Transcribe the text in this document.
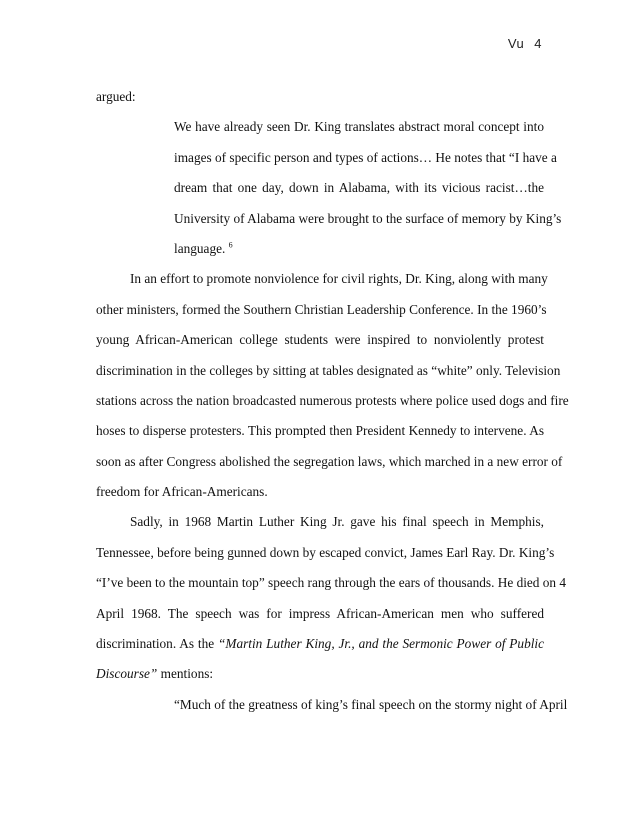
Vu 4
argued:
We have already seen Dr. King translates abstract moral concept into
images of specific person and types of actions… He notes that “I have a
dream that one day, down in Alabama, with its vicious racist…the
University of Alabama were brought to the surface of memory by King’s
language. $^6$
In an effort to promote nonviolence for civil rights, Dr. King, along with many
other ministers, formed the Southern Christian Leadership Conference. In the 1960’s
young African-American college students were inspired to nonviolently protest
discrimination in the colleges by sitting at tables designated as “white” only. Television
stations across the nation broadcasted numerous protests where police used dogs and fire
hoses to disperse protesters. This prompted then President Kennedy to intervene. As
soon as after Congress abolished the segregation laws, which marched in a new error of
freedom for African-Americans.
Sadly, in 1968 Martin Luther King Jr. gave his final speech in Memphis,
Tennessee, before being gunned down by escaped convict, James Earl Ray. Dr. King’s
“I’ve been to the mountain top” speech rang through the ears of thousands. He died on 4
April 1968. The speech was for impress African-American men who suffered
discrimination. As the “Martin Luther King, Jr., and the Sermonic Power of Public
Discourse” mentions:
“Much of the greatness of king’s final speech on the stormy night of April
